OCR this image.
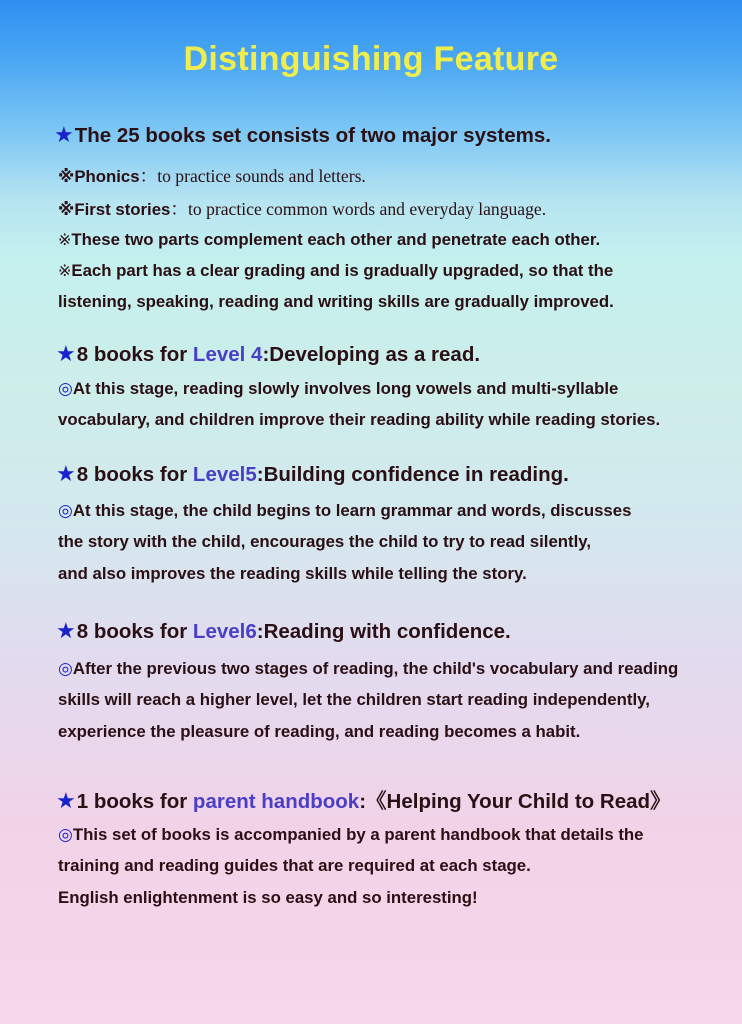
Distinguishing Feature
★The 25 books set consists of two major systems.
※Phonics：to practice sounds and letters.
※First stories：to practice common words and everyday language.
※These two parts complement each other and penetrate each other.
※Each part has a clear grading and is gradually upgraded, so that the
listening, speaking, reading and writing skills are gradually improved.
★8 books for Level 4:Developing as a read.
◎At this stage, reading slowly involves long vowels and multi-syllable
vocabulary, and children improve their reading ability while reading stories.
★8 books for Level5:Building confidence in reading.
◎At this stage, the child begins to learn grammar and words, discusses
the story with the child, encourages the child to try to read silently,
and also improves the reading skills while telling the story.
★8 books for Level6:Reading with confidence.
◎After the previous two stages of reading, the child's vocabulary and reading
skills will reach a higher level, let the children start reading independently,
experience the pleasure of reading, and reading becomes a habit.
★1 books for parent handbook:《Helping Your Child to Read》
◎This set of books is accompanied by a parent handbook that details the
training and reading guides that are required at each stage.
English enlightenment is so easy and so interesting!
